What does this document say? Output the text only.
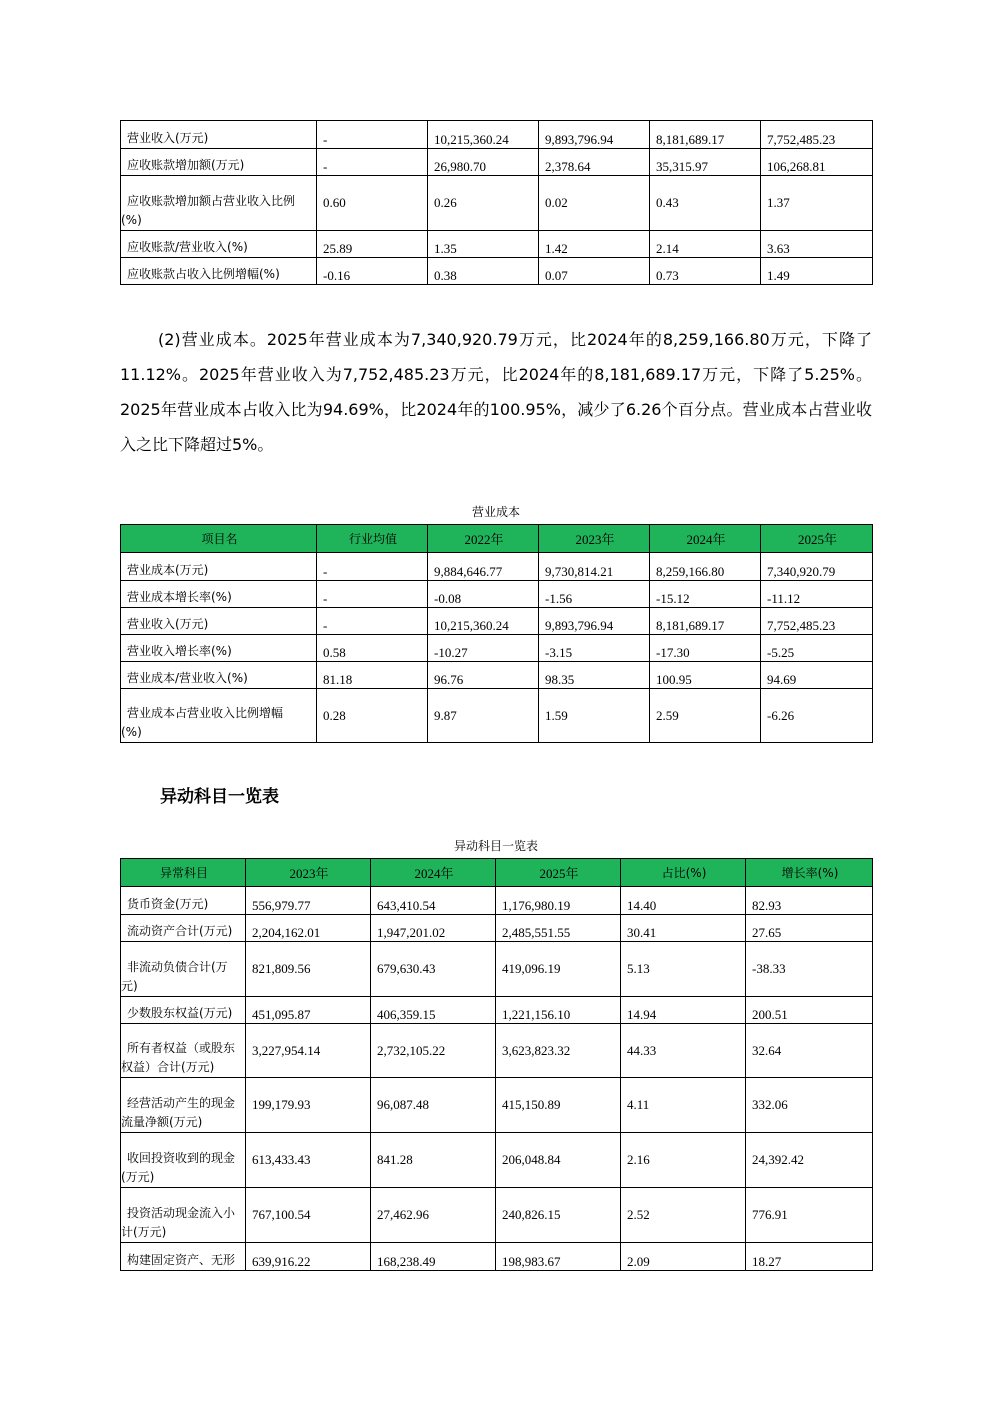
营业收入(万元)	-	10,215,360.24	9,893,796.94	8,181,689.17	7,752,485.23
应收账款增加额(万元)	-	26,980.70	2,378.64	35,315.97	106,268.81
应收账款增加额占营业收入比例
(%)	0.60	0.26	0.02	0.43	1.37
应收账款/营业收入(%)	25.89	1.35	1.42	2.14	3.63
应收账款占收入比例增幅(%)	-0.16	0.38	0.07	0.73	1.49
(2)营业成本。2025年营业成本为7,340,920.79万元，比2024年的8,259,166.80万元，下降了11.12%。2025年营业收入为7,752,485.23万元，比2024年的8,181,689.17万元，下降了5.25%。2025年营业成本占收入比为94.69%，比2024年的100.95%，减少了6.26个百分点。营业成本占营业收入之比下降超过5%。
营业成本
项目名	行业均值	2022年	2023年	2024年	2025年
营业成本(万元)	-	9,884,646.77	9,730,814.21	8,259,166.80	7,340,920.79
营业成本增长率(%)	-	-0.08	-1.56	-15.12	-11.12
营业收入(万元)	-	10,215,360.24	9,893,796.94	8,181,689.17	7,752,485.23
营业收入增长率(%)	0.58	-10.27	-3.15	-17.30	-5.25
营业成本/营业收入(%)	81.18	96.76	98.35	100.95	94.69
营业成本占营业收入比例增幅
(%)	0.28	9.87	1.59	2.59	-6.26
异动科目一览表
异动科目一览表
异常科目	2023年	2024年	2025年	占比(%)	增长率(%)
货币资金(万元)	556,979.77	643,410.54	1,176,980.19	14.40	82.93
流动资产合计(万元)	2,204,162.01	1,947,201.02	2,485,551.55	30.41	27.65
非流动负债合计(万
元)	821,809.56	679,630.43	419,096.19	5.13	-38.33
少数股东权益(万元)	451,095.87	406,359.15	1,221,156.10	14.94	200.51
所有者权益（或股东
权益）合计(万元)	3,227,954.14	2,732,105.22	3,623,823.32	44.33	32.64
经营活动产生的现金
流量净额(万元)	199,179.93	96,087.48	415,150.89	4.11	332.06
收回投资收到的现金
(万元)	613,433.43	841.28	206,048.84	2.16	24,392.42
投资活动现金流入小
计(万元)	767,100.54	27,462.96	240,826.15	2.52	776.91
构建固定资产、无形	639,916.22	168,238.49	198,983.67	2.09	18.27
